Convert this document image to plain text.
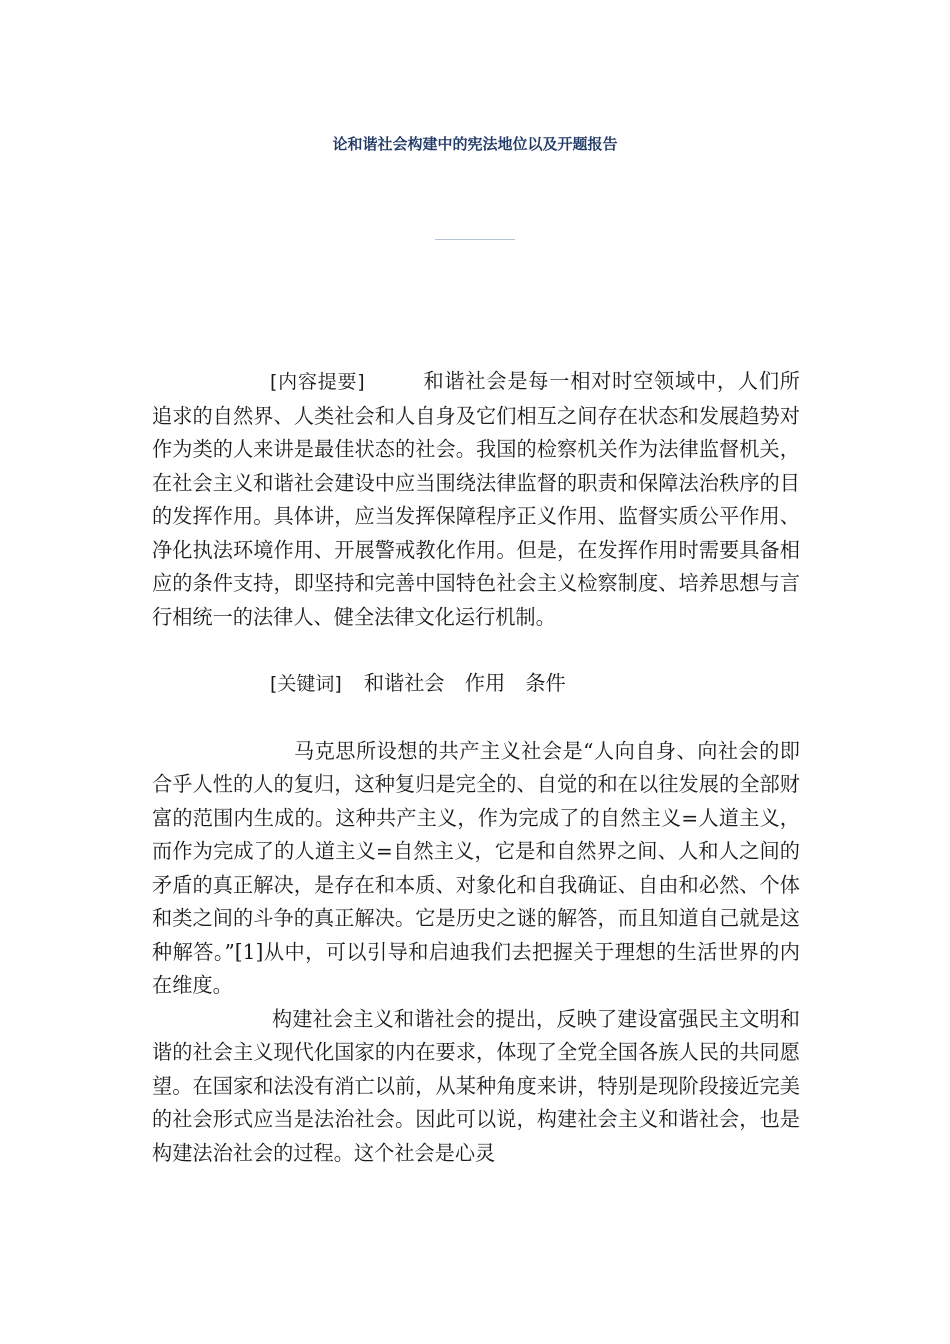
论和谐社会构建中的宪法地位以及开题报告

[内容提要]	和谐社会是每一相对时空领域中，人们所追求的自然界、人类社会和人自身及它们相互之间存在状态和发展趋势对作为类的人来讲是最佳状态的社会。我国的检察机关作为法律监督机关，在社会主义和谐社会建设中应当围绕法律监督的职责和保障法治秩序的目的发挥作用。具体讲，应当发挥保障程序正义作用、监督实质公平作用、净化执法环境作用、开展警戒教化作用。但是，在发挥作用时需要具备相应的条件支持，即坚持和完善中国特色社会主义检察制度、培养思想与言行相统一的法律人、健全法律文化运行机制。

[关键词] 和谐社会　作用　条件

马克思所设想的共产主义社会是“人向自身、向社会的即合乎人性的人的复归，这种复归是完全的、自觉的和在以往发展的全部财富的范围内生成的。这种共产主义，作为完成了的自然主义=人道主义，而作为完成了的人道主义=自然主义，它是和自然界之间、人和人之间的矛盾的真正解决，是存在和本质、对象化和自我确证、自由和必然、个体和类之间的斗争的真正解决。它是历史之谜的解答，而且知道自己就是这种解答。”[1]从中，可以引导和启迪我们去把握关于理想的生活世界的内在维度。

构建社会主义和谐社会的提出，反映了建设富强民主文明和谐的社会主义现代化国家的内在要求，体现了全党全国各族人民的共同愿望。在国家和法没有消亡以前，从某种角度来讲，特别是现阶段接近完美的社会形式应当是法治社会。因此可以说，构建社会主义和谐社会，也是构建法治社会的过程。这个社会是心灵
